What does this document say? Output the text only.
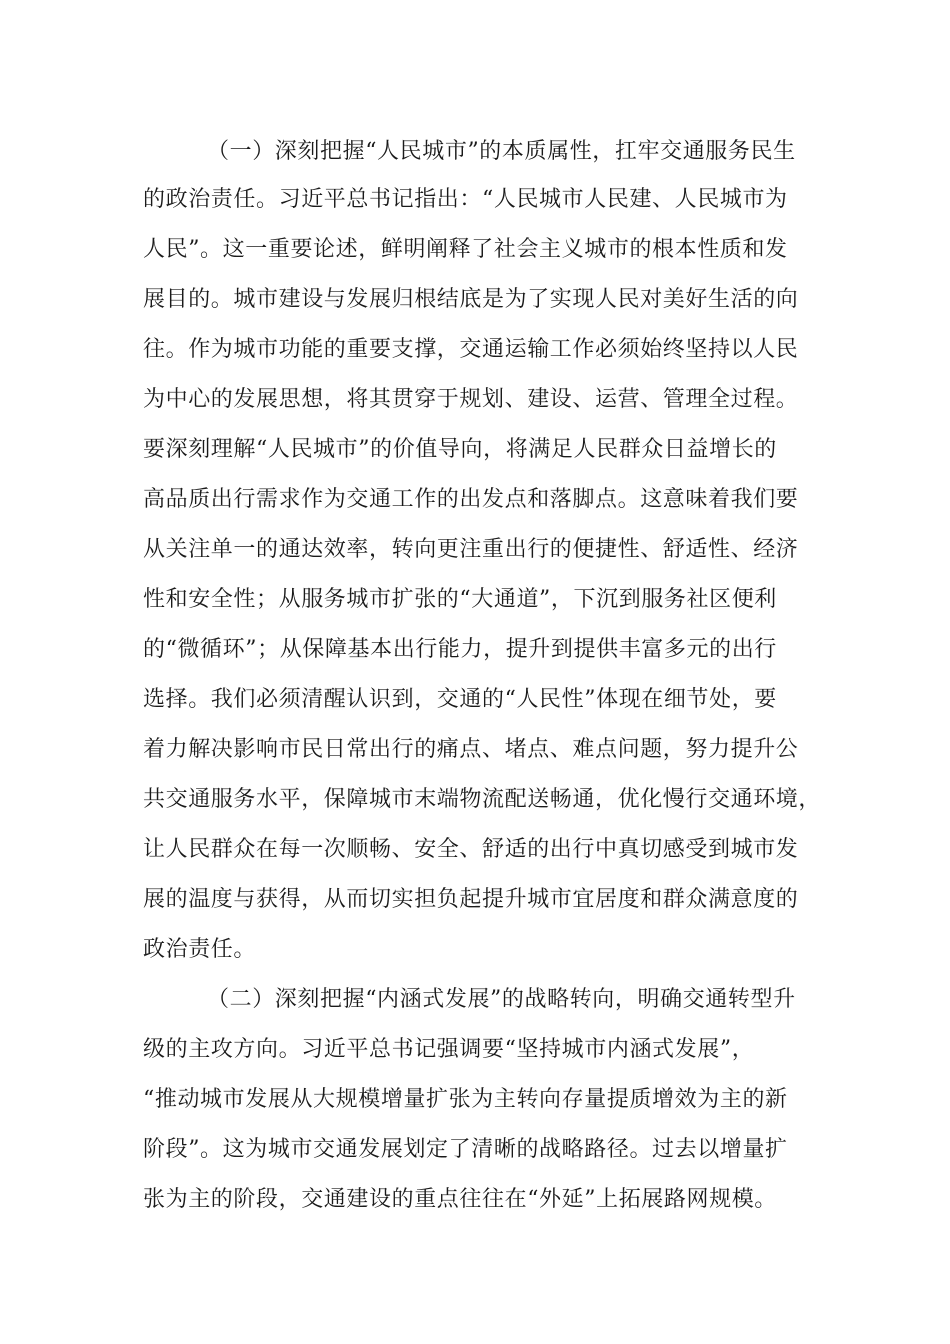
（一）深刻把握“人民城市”的本质属性，扛牢交通服务民生
的政治责任。习近平总书记指出：“人民城市人民建、人民城市为
人民”。这一重要论述，鲜明阐释了社会主义城市的根本性质和发
展目的。城市建设与发展归根结底是为了实现人民对美好生活的向
往。作为城市功能的重要支撑，交通运输工作必须始终坚持以人民
为中心的发展思想，将其贯穿于规划、建设、运营、管理全过程。
要深刻理解“人民城市”的价值导向，将满足人民群众日益增长的
高品质出行需求作为交通工作的出发点和落脚点。这意味着我们要
从关注单一的通达效率，转向更注重出行的便捷性、舒适性、经济
性和安全性；从服务城市扩张的“大通道”，下沉到服务社区便利
的“微循环”；从保障基本出行能力，提升到提供丰富多元的出行
选择。我们必须清醒认识到，交通的“人民性”体现在细节处，要
着力解决影响市民日常出行的痛点、堵点、难点问题，努力提升公
共交通服务水平，保障城市末端物流配送畅通，优化慢行交通环境，
让人民群众在每一次顺畅、安全、舒适的出行中真切感受到城市发
展的温度与获得，从而切实担负起提升城市宜居度和群众满意度的
政治责任。
（二）深刻把握“内涵式发展”的战略转向，明确交通转型升
级的主攻方向。习近平总书记强调要“坚持城市内涵式发展”，
“推动城市发展从大规模增量扩张为主转向存量提质增效为主的新
阶段”。这为城市交通发展划定了清晰的战略路径。过去以增量扩
张为主的阶段，交通建设的重点往往在“外延”上拓展路网规模。
